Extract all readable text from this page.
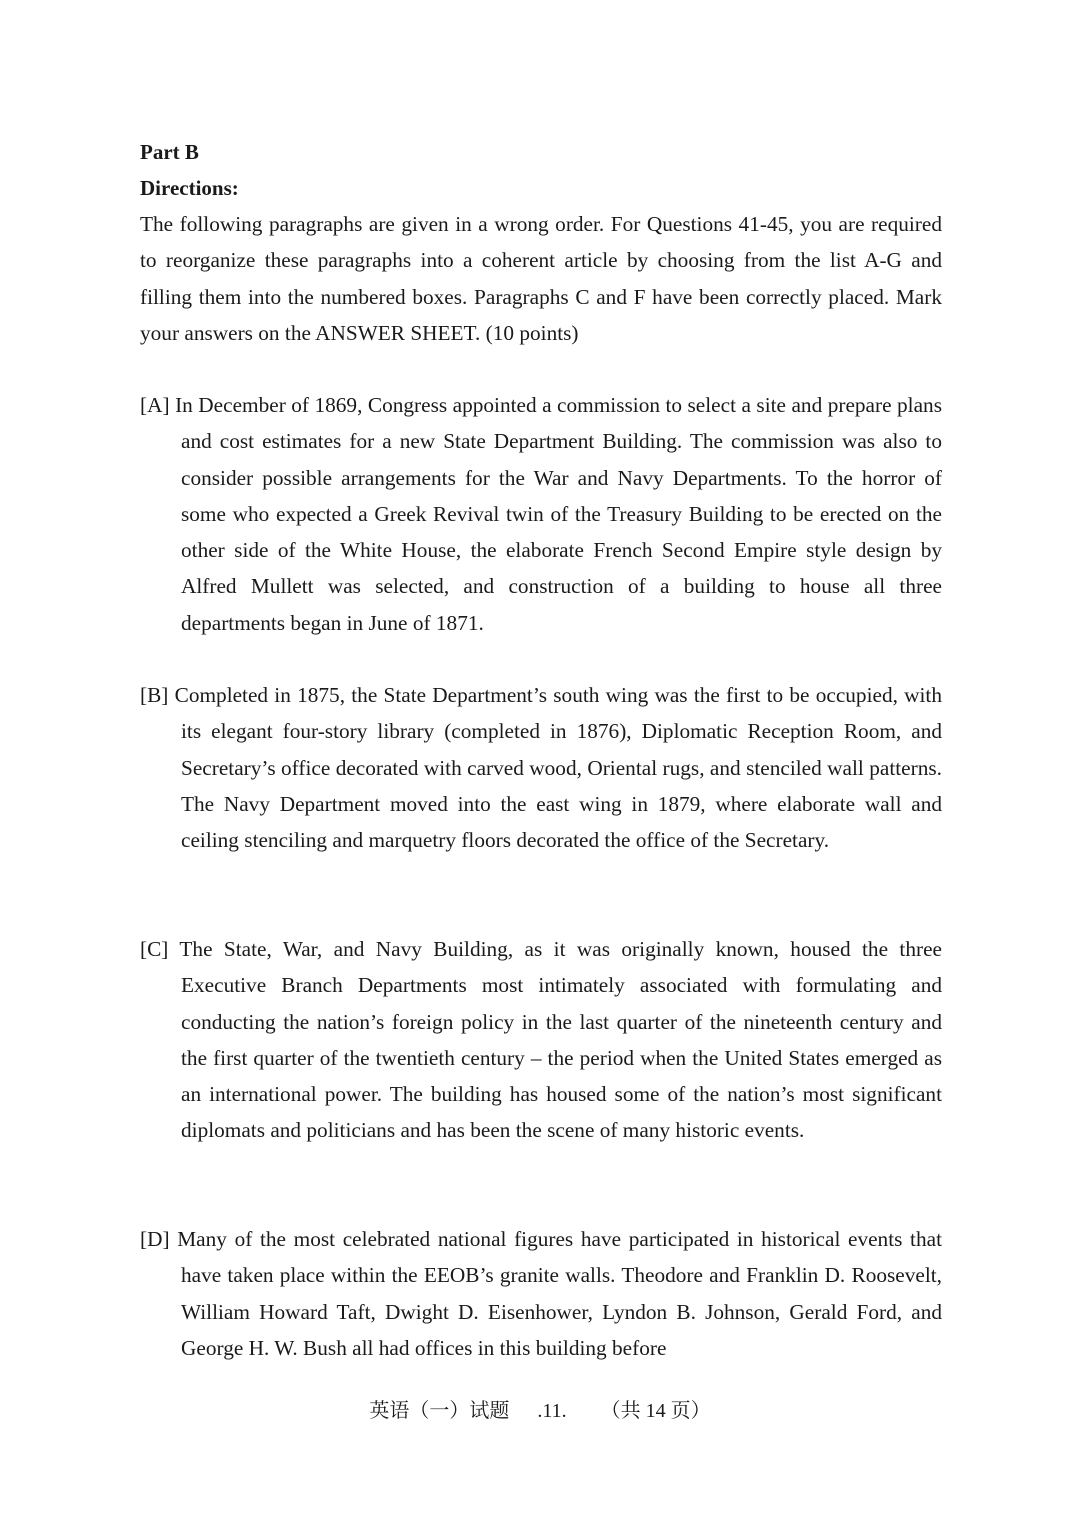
Part B
Directions:

The following paragraphs are given in a wrong order. For Questions 41-45, you are required to reorganize these paragraphs into a coherent article by choosing from the list A-G and filling them into the numbered boxes. Paragraphs C and F have been correctly placed. Mark your answers on the ANSWER SHEET. (10 points)

[A] In December of 1869, Congress appointed a commission to select a site and prepare plans and cost estimates for a new State Department Building. The commission was also to consider possible arrangements for the War and Navy Departments. To the horror of some who expected a Greek Revival twin of the Treasury Building to be erected on the other side of the White House, the elaborate French Second Empire style design by Alfred Mullett was selected, and construction of a building to house all three departments began in June of 1871.

[B] Completed in 1875, the State Department’s south wing was the first to be occupied, with its elegant four-story library (completed in 1876), Diplomatic Reception Room, and Secretary’s office decorated with carved wood, Oriental rugs, and stenciled wall patterns. The Navy Department moved into the east wing in 1879, where elaborate wall and ceiling stenciling and marquetry floors decorated the office of the Secretary.

[C] The State, War, and Navy Building, as it was originally known, housed the three Executive Branch Departments most intimately associated with formulating and conducting the nation’s foreign policy in the last quarter of the nineteenth century and the first quarter of the twentieth century – the period when the United States emerged as an international power. The building has housed some of the nation’s most significant diplomats and politicians and has been the scene of many historic events.

[D] Many of the most celebrated national figures have participated in historical events that have taken place within the EEOB’s granite walls. Theodore and Franklin D. Roosevelt, William Howard Taft, Dwight D. Eisenhower, Lyndon B. Johnson, Gerald Ford, and George H. W. Bush all had offices in this building before

英语（一）试题 .11. （共 14 页）
